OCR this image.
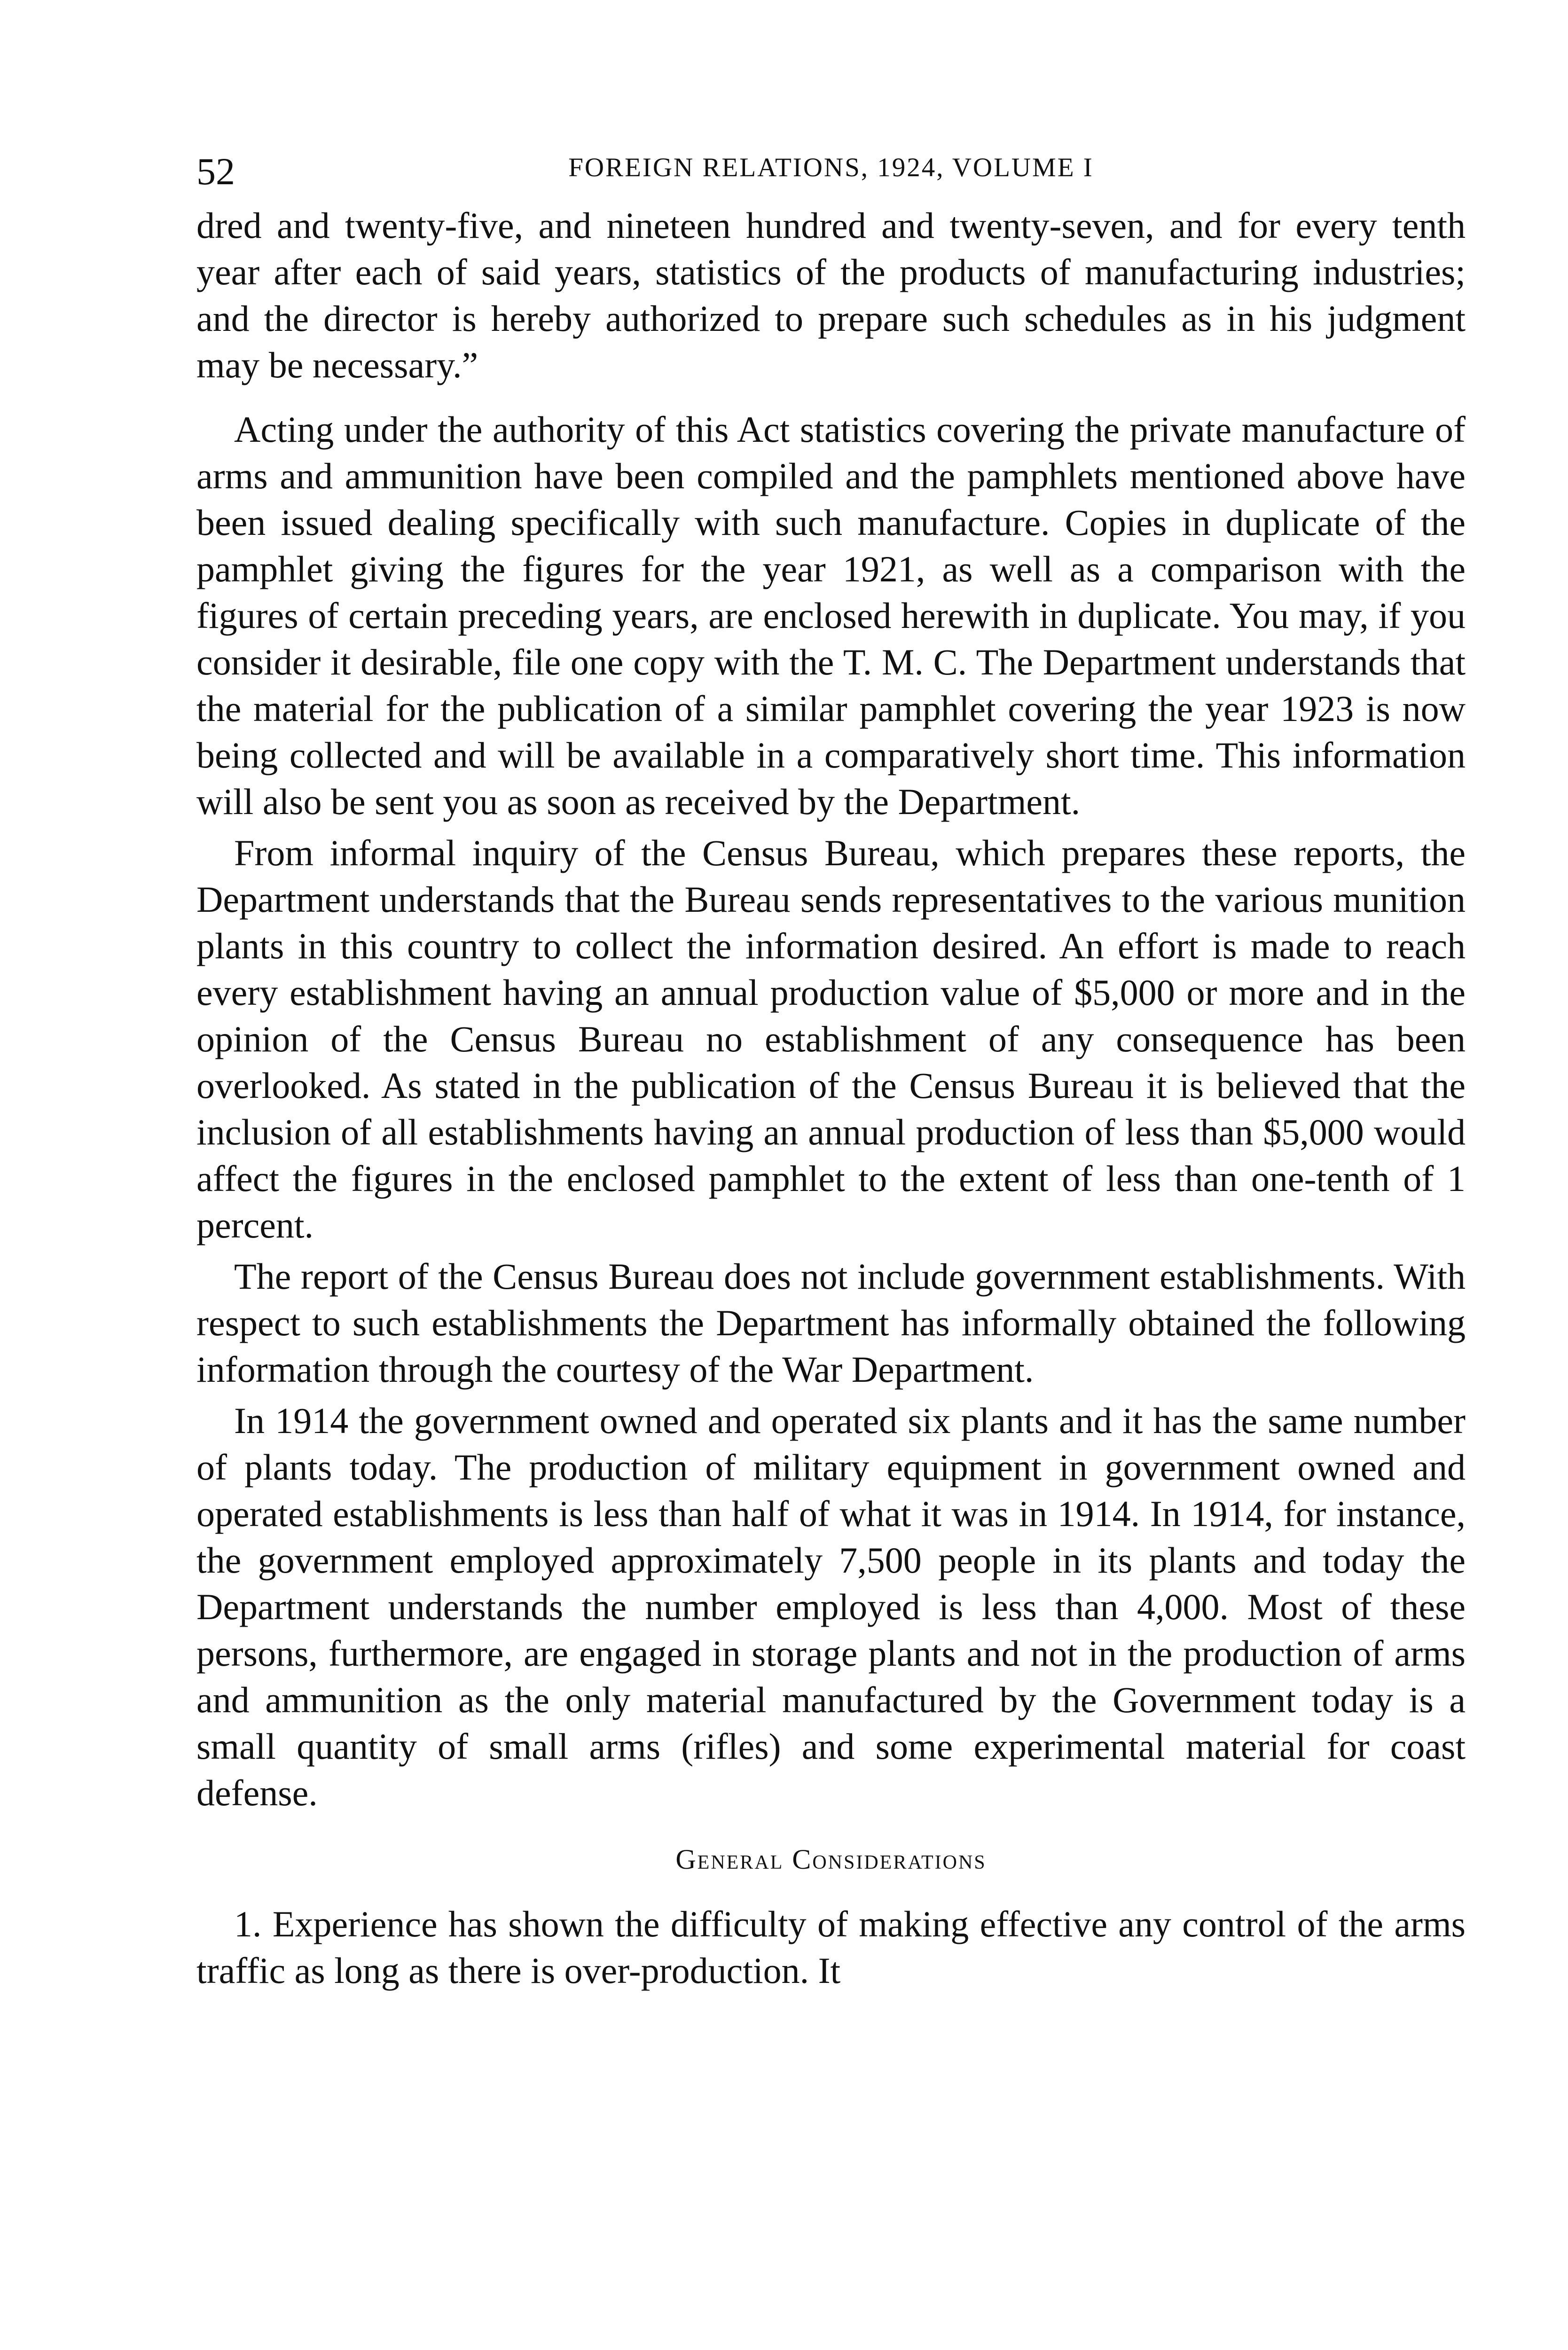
52	FOREIGN RELATIONS, 1924, VOLUME I

dred and twenty-five, and nineteen hundred and twenty-seven, and for every tenth year after each of said years, statistics of the products of manufacturing industries; and the director is hereby authorized to prepare such schedules as in his judgment may be necessary.”

Acting under the authority of this Act statistics covering the private manufacture of arms and ammunition have been compiled and the pamphlets mentioned above have been issued dealing specifically with such manufacture. Copies in duplicate of the pamphlet giving the figures for the year 1921, as well as a comparison with the figures of certain preceding years, are enclosed herewith in duplicate. You may, if you consider it desirable, file one copy with the T. M. C. The Department understands that the material for the publication of a similar pamphlet covering the year 1923 is now being collected and will be available in a comparatively short time. This information will also be sent you as soon as received by the Department.

From informal inquiry of the Census Bureau, which prepares these reports, the Department understands that the Bureau sends representatives to the various munition plants in this country to collect the information desired. An effort is made to reach every establishment having an annual production value of $5,000 or more and in the opinion of the Census Bureau no establishment of any consequence has been overlooked. As stated in the publication of the Census Bureau it is believed that the inclusion of all establishments having an annual production of less than $5,000 would affect the figures in the enclosed pamphlet to the extent of less than one-tenth of 1 percent.

The report of the Census Bureau does not include government establishments. With respect to such establishments the Department has informally obtained the following information through the courtesy of the War Department.

In 1914 the government owned and operated six plants and it has the same number of plants today. The production of military equipment in government owned and operated establishments is less than half of what it was in 1914. In 1914, for instance, the government employed approximately 7,500 people in its plants and today the Department understands the number employed is less than 4,000. Most of these persons, furthermore, are engaged in storage plants and not in the production of arms and ammunition as the only material manufactured by the Government today is a small quantity of small arms (rifles) and some experimental material for coast defense.

General Considerations

1. Experience has shown the difficulty of making effective any control of the arms traffic as long as there is over-production. It
